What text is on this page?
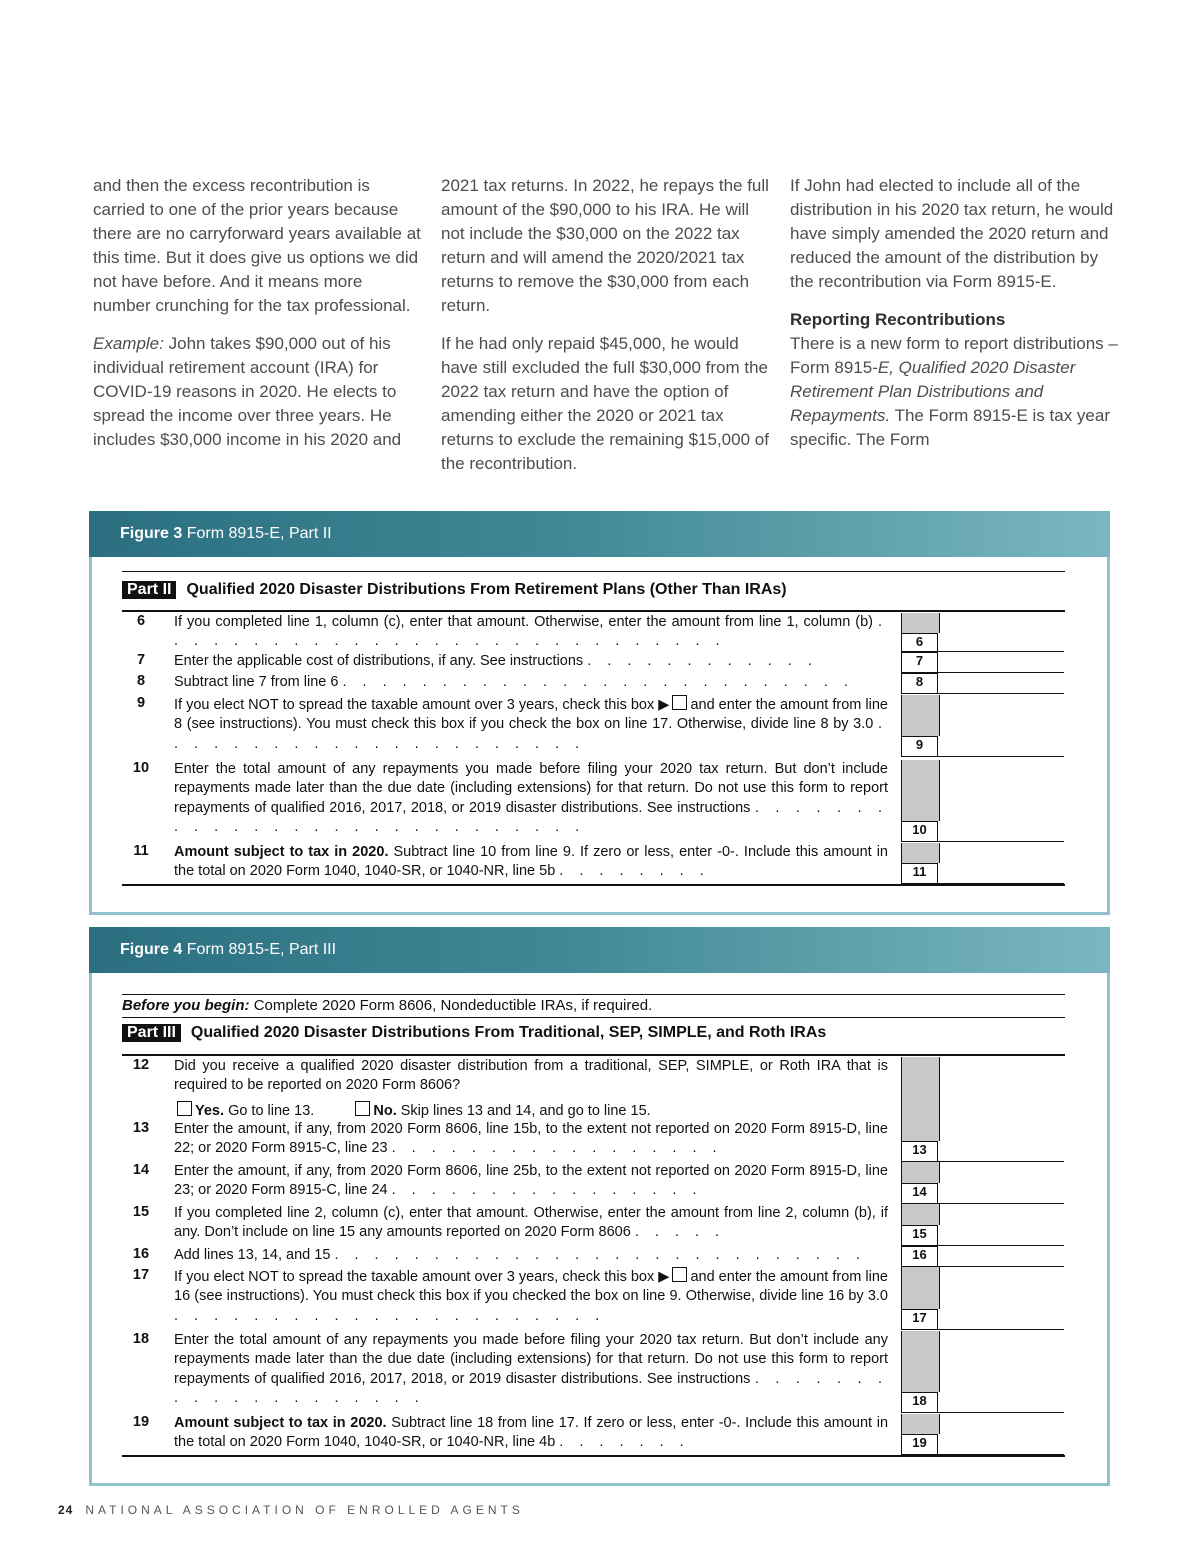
and then the excess recontribution is carried to one of the prior years because there are no carryforward years available at this time. But it does give us options we did not have before. And it means more number crunching for the tax professional.

Example: John takes $90,000 out of his individual retirement account (IRA) for COVID-19 reasons in 2020. He elects to spread the income over three years. He includes $30,000 income in his 2020 and

2021 tax returns. In 2022, he repays the full amount of the $90,000 to his IRA. He will not include the $30,000 on the 2022 tax return and will amend the 2020/2021 tax returns to remove the $30,000 from each return.

If he had only repaid $45,000, he would have still excluded the full $30,000 from the 2022 tax return and have the option of amending either the 2020 or 2021 tax returns to exclude the remaining $15,000 of the recontribution.

If John had elected to include all of the distribution in his 2020 tax return, he would have simply amended the 2020 return and reduced the amount of the distribution by the recontribution via Form 8915-E.

Reporting Recontributions
There is a new form to report distributions – Form 8915-E, Qualified 2020 Disaster Retirement Plan Distributions and Repayments. The Form 8915-E is tax year specific. The Form

Figure 3 Form 8915-E, Part II
Part II Qualified 2020 Disaster Distributions From Retirement Plans (Other Than IRAs)
6	If you completed line 1, column (c), enter that amount. Otherwise, enter the amount from line 1, column (b) . . . . . . . . . . . . . . . . . . . . . . . . . . . . .	6
7	Enter the applicable cost of distributions, if any. See instructions . . . . . . . . . . . .	7
8	Subtract line 7 from line 6 . . . . . . . . . . . . . . . . . . . . . . . . . .	8
9	If you elect NOT to spread the taxable amount over 3 years, check this box ▶ and enter the amount from line 8 (see instructions). You must check this box if you check the box on line 17. Otherwise, divide line 8 by 3.0 . . . . . . . . . . . . . . . . . . . . . .	9
10	Enter the total amount of any repayments you made before filing your 2020 tax return. But don’t include repayments made later than the due date (including extensions) for that return. Do not use this form to report repayments of qualified 2016, 2017, 2018, or 2019 disaster distributions. See instructions . . . . . . . . . . . . . . . . . . . . . . . . . . . .	10
11	Amount subject to tax in 2020. Subtract line 10 from line 9. If zero or less, enter -0-. Include this amount in the total on 2020 Form 1040, 1040-SR, or 1040-NR, line 5b . . . . . . . .	11
Figure 4 Form 8915-E, Part III
Before you begin: Complete 2020 Form 8606, Nondeductible IRAs, if required.
Part III Qualified 2020 Disaster Distributions From Traditional, SEP, SIMPLE, and Roth IRAs
12	Did you receive a qualified 2020 disaster distribution from a traditional, SEP, SIMPLE, or Roth IRA that is required to be reported on 2020 Form 8606?
Yes. Go to line 13.	No. Skip lines 13 and 14, and go to line 15.
13	Enter the amount, if any, from 2020 Form 8606, line 15b, to the extent not reported on 2020 Form 8915-D, line 22; or 2020 Form 8915-C, line 23 . . . . . . . . . . . . . . . . .	13
14	Enter the amount, if any, from 2020 Form 8606, line 25b, to the extent not reported on 2020 Form 8915-D, line 23; or 2020 Form 8915-C, line 24 . . . . . . . . . . . . . . . .	14
15	If you completed line 2, column (c), enter that amount. Otherwise, enter the amount from line 2, column (b), if any. Don’t include on line 15 any amounts reported on 2020 Form 8606 . . . . .	15
16	Add lines 13, 14, and 15 . . . . . . . . . . . . . . . . . . . . . . . . . . .	16
17	If you elect NOT to spread the taxable amount over 3 years, check this box ▶ and enter the amount from line 16 (see instructions). You must check this box if you checked the box on line 9. Otherwise, divide line 16 by 3.0 . . . . . . . . . . . . . . . . . . . . . .	17
18	Enter the total amount of any repayments you made before filing your 2020 tax return. But don’t include any repayments made later than the due date (including extensions) for that return. Do not use this form to report repayments of qualified 2016, 2017, 2018, or 2019 disaster distributions. See instructions . . . . . . . . . . . . . . . . . . . .	18
19	Amount subject to tax in 2020. Subtract line 18 from line 17. If zero or less, enter -0-. Include this amount in the total on 2020 Form 1040, 1040-SR, or 1040-NR, line 4b . . . . . . .	19
24 NATIONAL ASSOCIATION OF ENROLLED AGENTS
